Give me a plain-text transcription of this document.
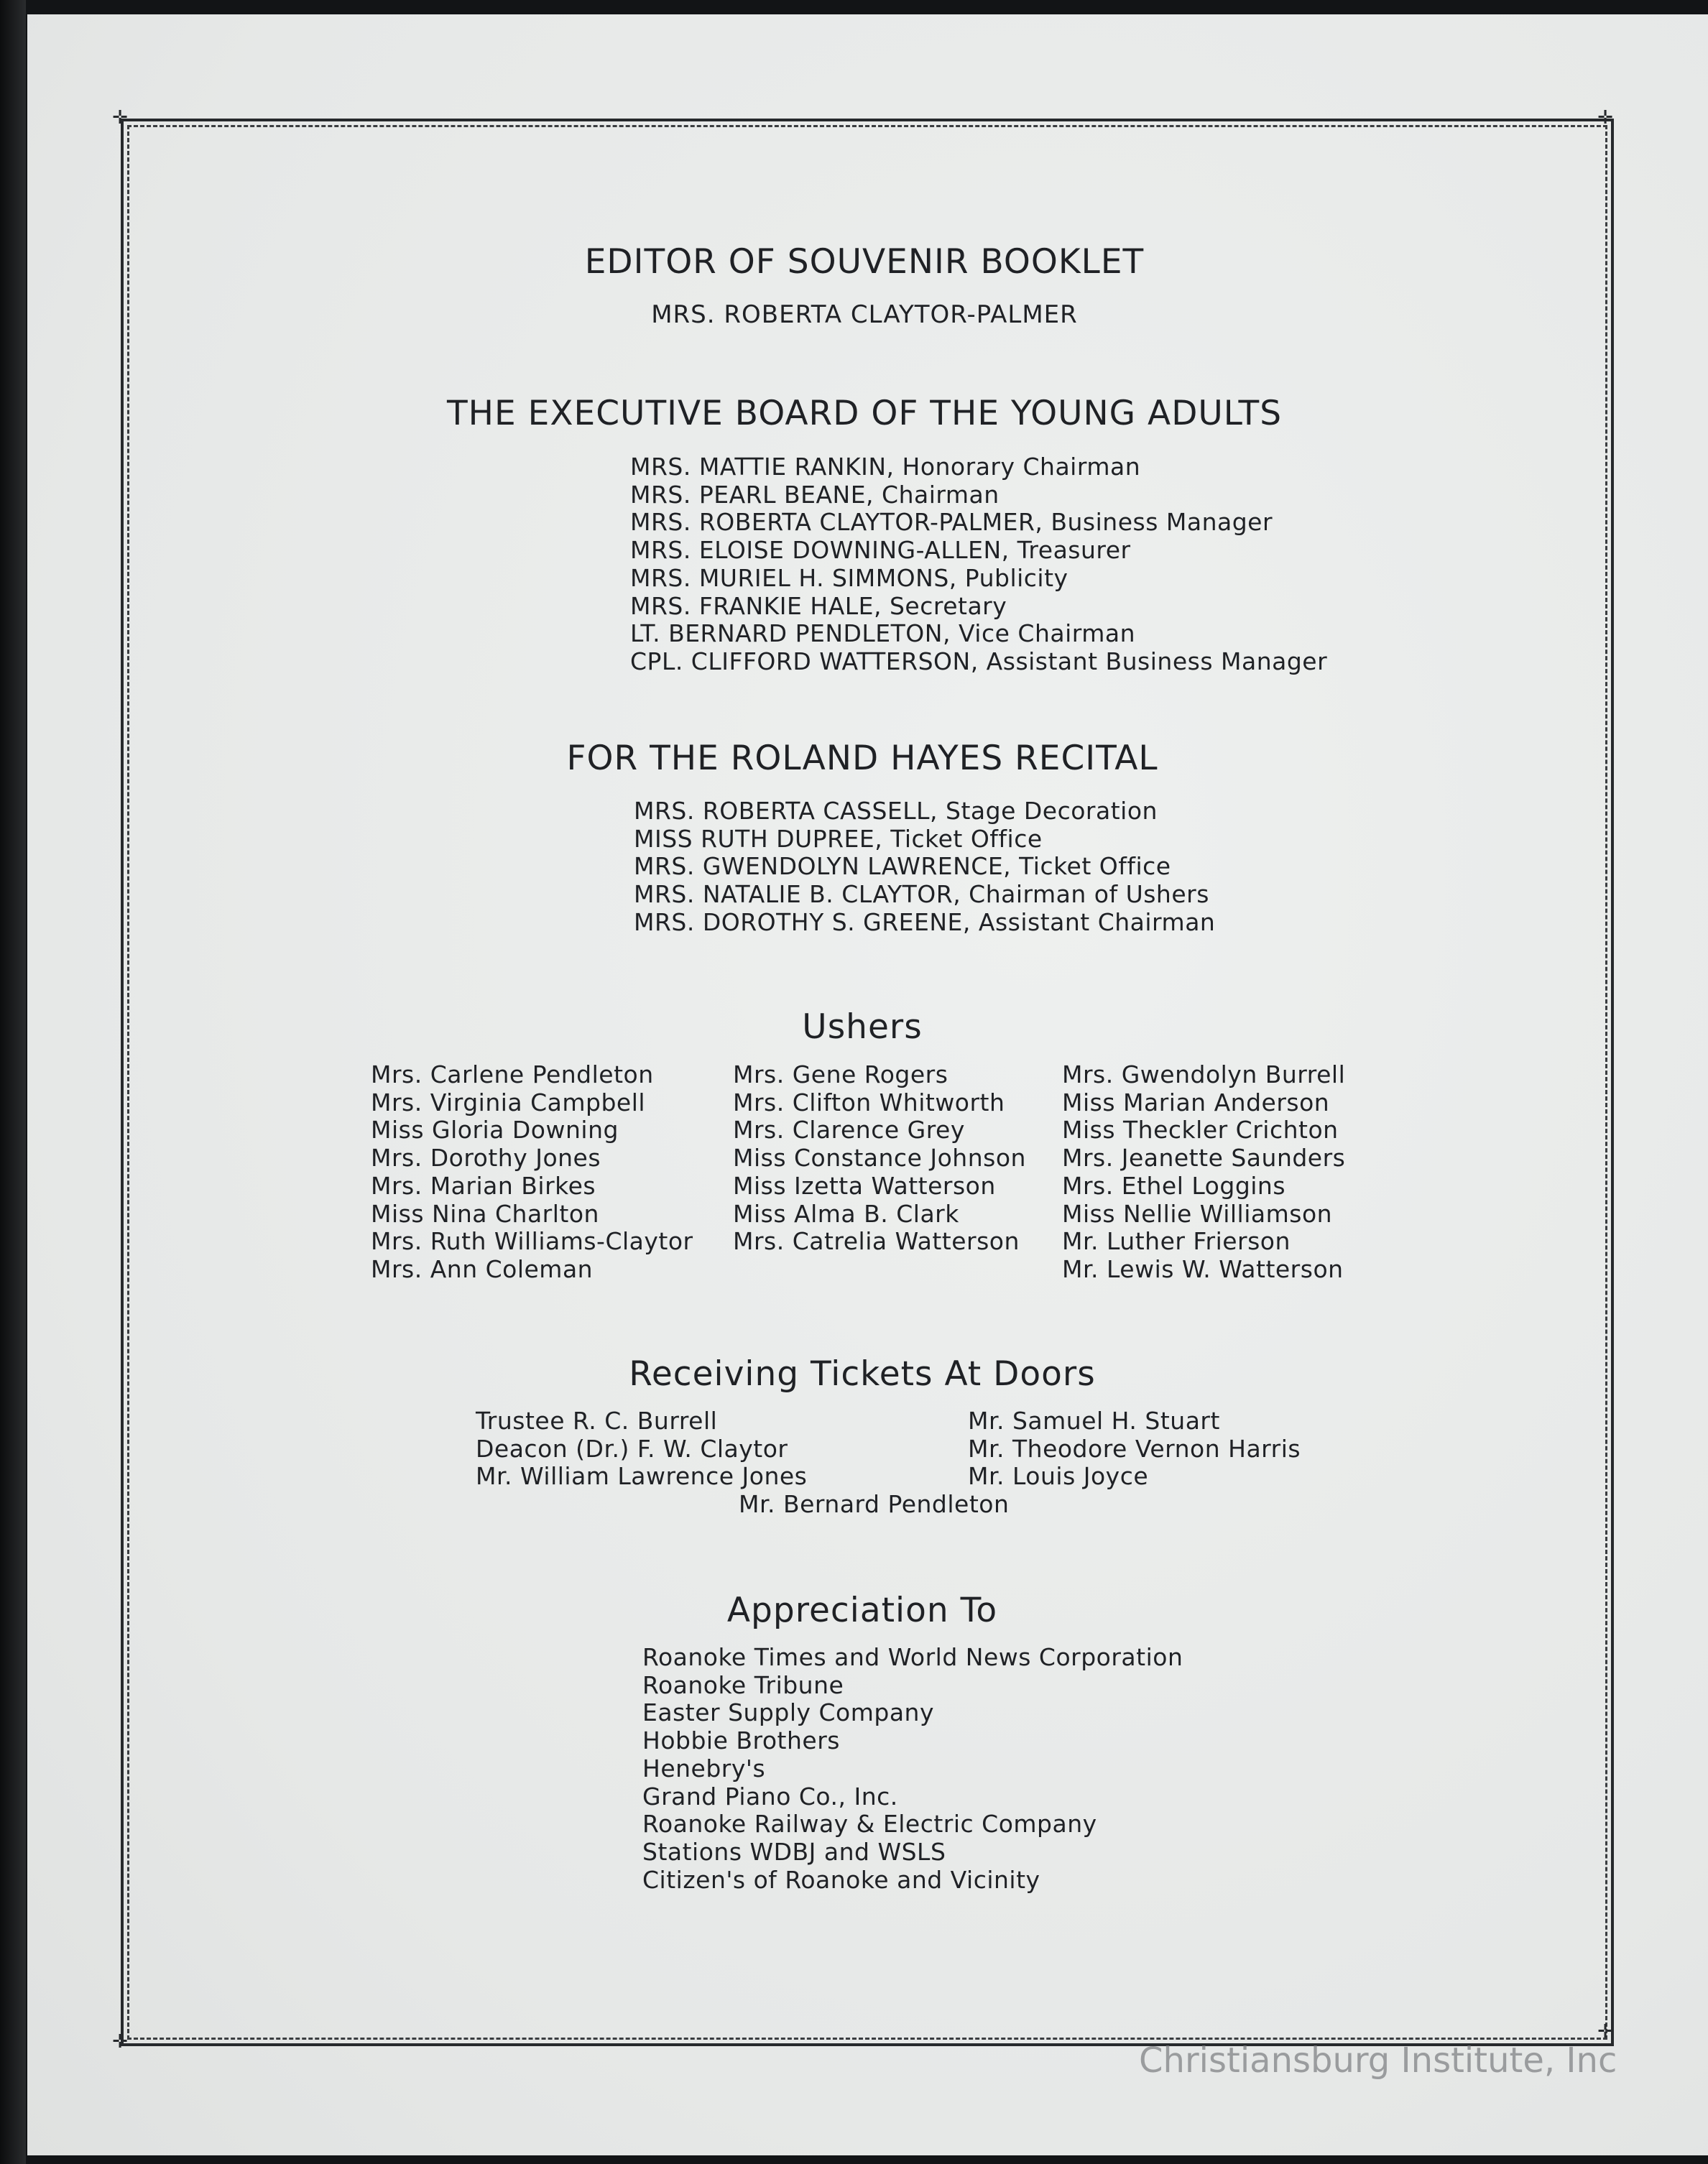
✛	✛
✛	✛
EDITOR OF SOUVENIR BOOKLET

MRS. ROBERTA CLAYTOR-PALMER

THE EXECUTIVE BOARD OF THE YOUNG ADULTS
MRS. MATTIE RANKIN, Honorary Chairman
MRS. PEARL BEANE, Chairman
MRS. ROBERTA CLAYTOR-PALMER, Business Manager
MRS. ELOISE DOWNING-ALLEN, Treasurer
MRS. MURIEL H. SIMMONS, Publicity
MRS. FRANKIE HALE, Secretary
LT. BERNARD PENDLETON, Vice Chairman
CPL. CLIFFORD WATTERSON, Assistant Business Manager
FOR THE ROLAND HAYES RECITAL
MRS. ROBERTA CASSELL, Stage Decoration
MISS RUTH DUPREE, Ticket Office
MRS. GWENDOLYN LAWRENCE, Ticket Office
MRS. NATALIE B. CLAYTOR, Chairman of Ushers
MRS. DOROTHY S. GREENE, Assistant Chairman
Ushers
Mrs. Carlene Pendleton
Mrs. Virginia Campbell
Miss Gloria Downing
Mrs. Dorothy Jones
Mrs. Marian Birkes
Miss Nina Charlton
Mrs. Ruth Williams-Claytor
Mrs. Ann Coleman
Mrs. Gene Rogers
Mrs. Clifton Whitworth
Mrs. Clarence Grey
Miss Constance Johnson
Miss Izetta Watterson
Miss Alma B. Clark
Mrs. Catrelia Watterson
Mrs. Gwendolyn Burrell
Miss Marian Anderson
Miss Theckler Crichton
Mrs. Jeanette Saunders
Mrs. Ethel Loggins
Miss Nellie Williamson
Mr. Luther Frierson
Mr. Lewis W. Watterson
Receiving Tickets At Doors
Trustee R. C. Burrell
Deacon (Dr.) F. W. Claytor
Mr. William Lawrence Jones
Mr. Samuel H. Stuart
Mr. Theodore Vernon Harris
Mr. Louis Joyce

Mr. Bernard Pendleton

Appreciation To
Roanoke Times and World News Corporation
Roanoke Tribune
Easter Supply Company
Hobbie Brothers
Henebry's
Grand Piano Co., Inc.
Roanoke Railway & Electric Company
Stations WDBJ and WSLS
Citizen's of Roanoke and Vicinity
Christiansburg Institute, Inc
